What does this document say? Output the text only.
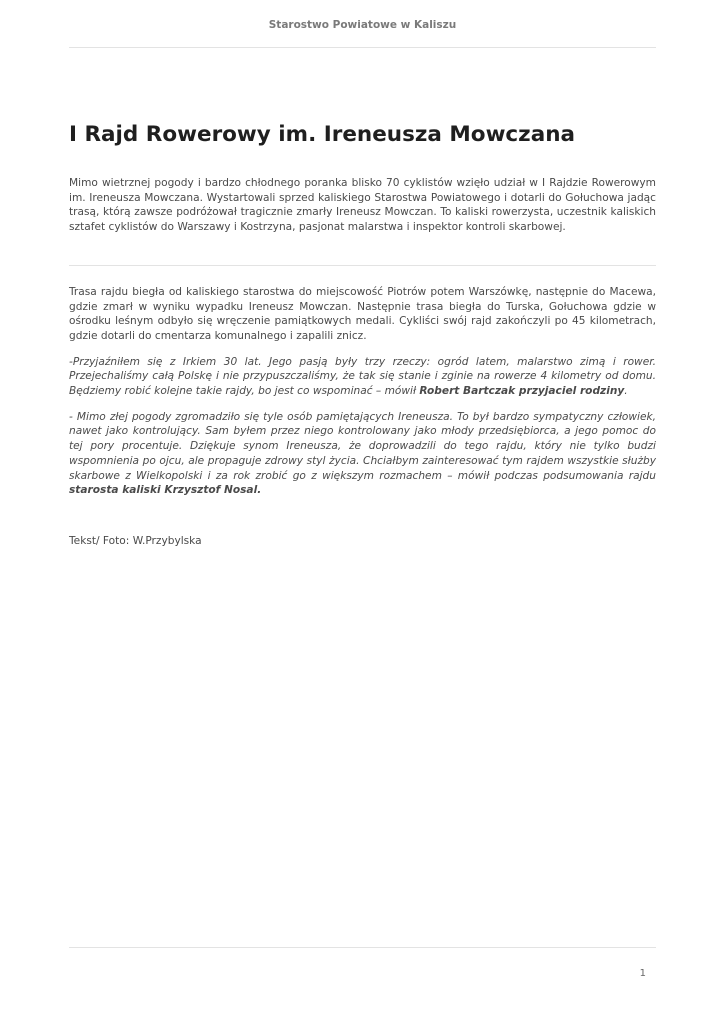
Starostwo Powiatowe w Kaliszu
I Rajd Rowerowy im. Ireneusza Mowczana

Mimo wietrznej pogody i bardzo chłodnego poranka blisko 70 cyklistów wzięło udział w I Rajdzie Rowerowym im. Ireneusza Mowczana. Wystartowali sprzed kaliskiego Starostwa Powiatowego i dotarli do Gołuchowa jadąc trasą, którą zawsze podróżował tragicznie zmarły Ireneusz Mowczan. To kaliski rowerzysta, uczestnik kaliskich sztafet cyklistów do Warszawy i Kostrzyna, pasjonat malarstwa i inspektor kontroli skarbowej.

Trasa rajdu biegła od kaliskiego starostwa do miejscowość Piotrów potem Warszówkę, następnie do Macewa, gdzie zmarł w wyniku wypadku Ireneusz Mowczan. Następnie trasa biegła do Turska, Gołuchowa gdzie w ośrodku leśnym odbyło się wręczenie pamiątkowych medali. Cykliści swój rajd zakończyli po 45 kilometrach, gdzie dotarli do cmentarza komunalnego i zapalili znicz.

-Przyjaźniłem się z Irkiem 30 lat. Jego pasją były trzy rzeczy: ogród latem, malarstwo zimą i rower. Przejechaliśmy całą Polskę i nie przypuszczaliśmy, że tak się stanie i zginie na rowerze 4 kilometry od domu. Będziemy robić kolejne takie rajdy, bo jest co wspominać – mówił Robert Bartczak przyjaciel rodziny.

- Mimo złej pogody zgromadziło się tyle osób pamiętających Ireneusza. To był bardzo sympatyczny człowiek, nawet jako kontrolujący. Sam byłem przez niego kontrolowany jako młody przedsiębiorca, a jego pomoc do tej pory procentuje. Dziękuje synom Ireneusza, że doprowadzili do tego rajdu, który nie tylko budzi wspomnienia po ojcu, ale propaguje zdrowy styl życia. Chciałbym zainteresować tym rajdem wszystkie służby skarbowe z Wielkopolski i za rok zrobić go z większym rozmachem – mówił podczas podsumowania rajdu starosta kaliski Krzysztof Nosal.

Tekst/ Foto: W.Przybylska

1
